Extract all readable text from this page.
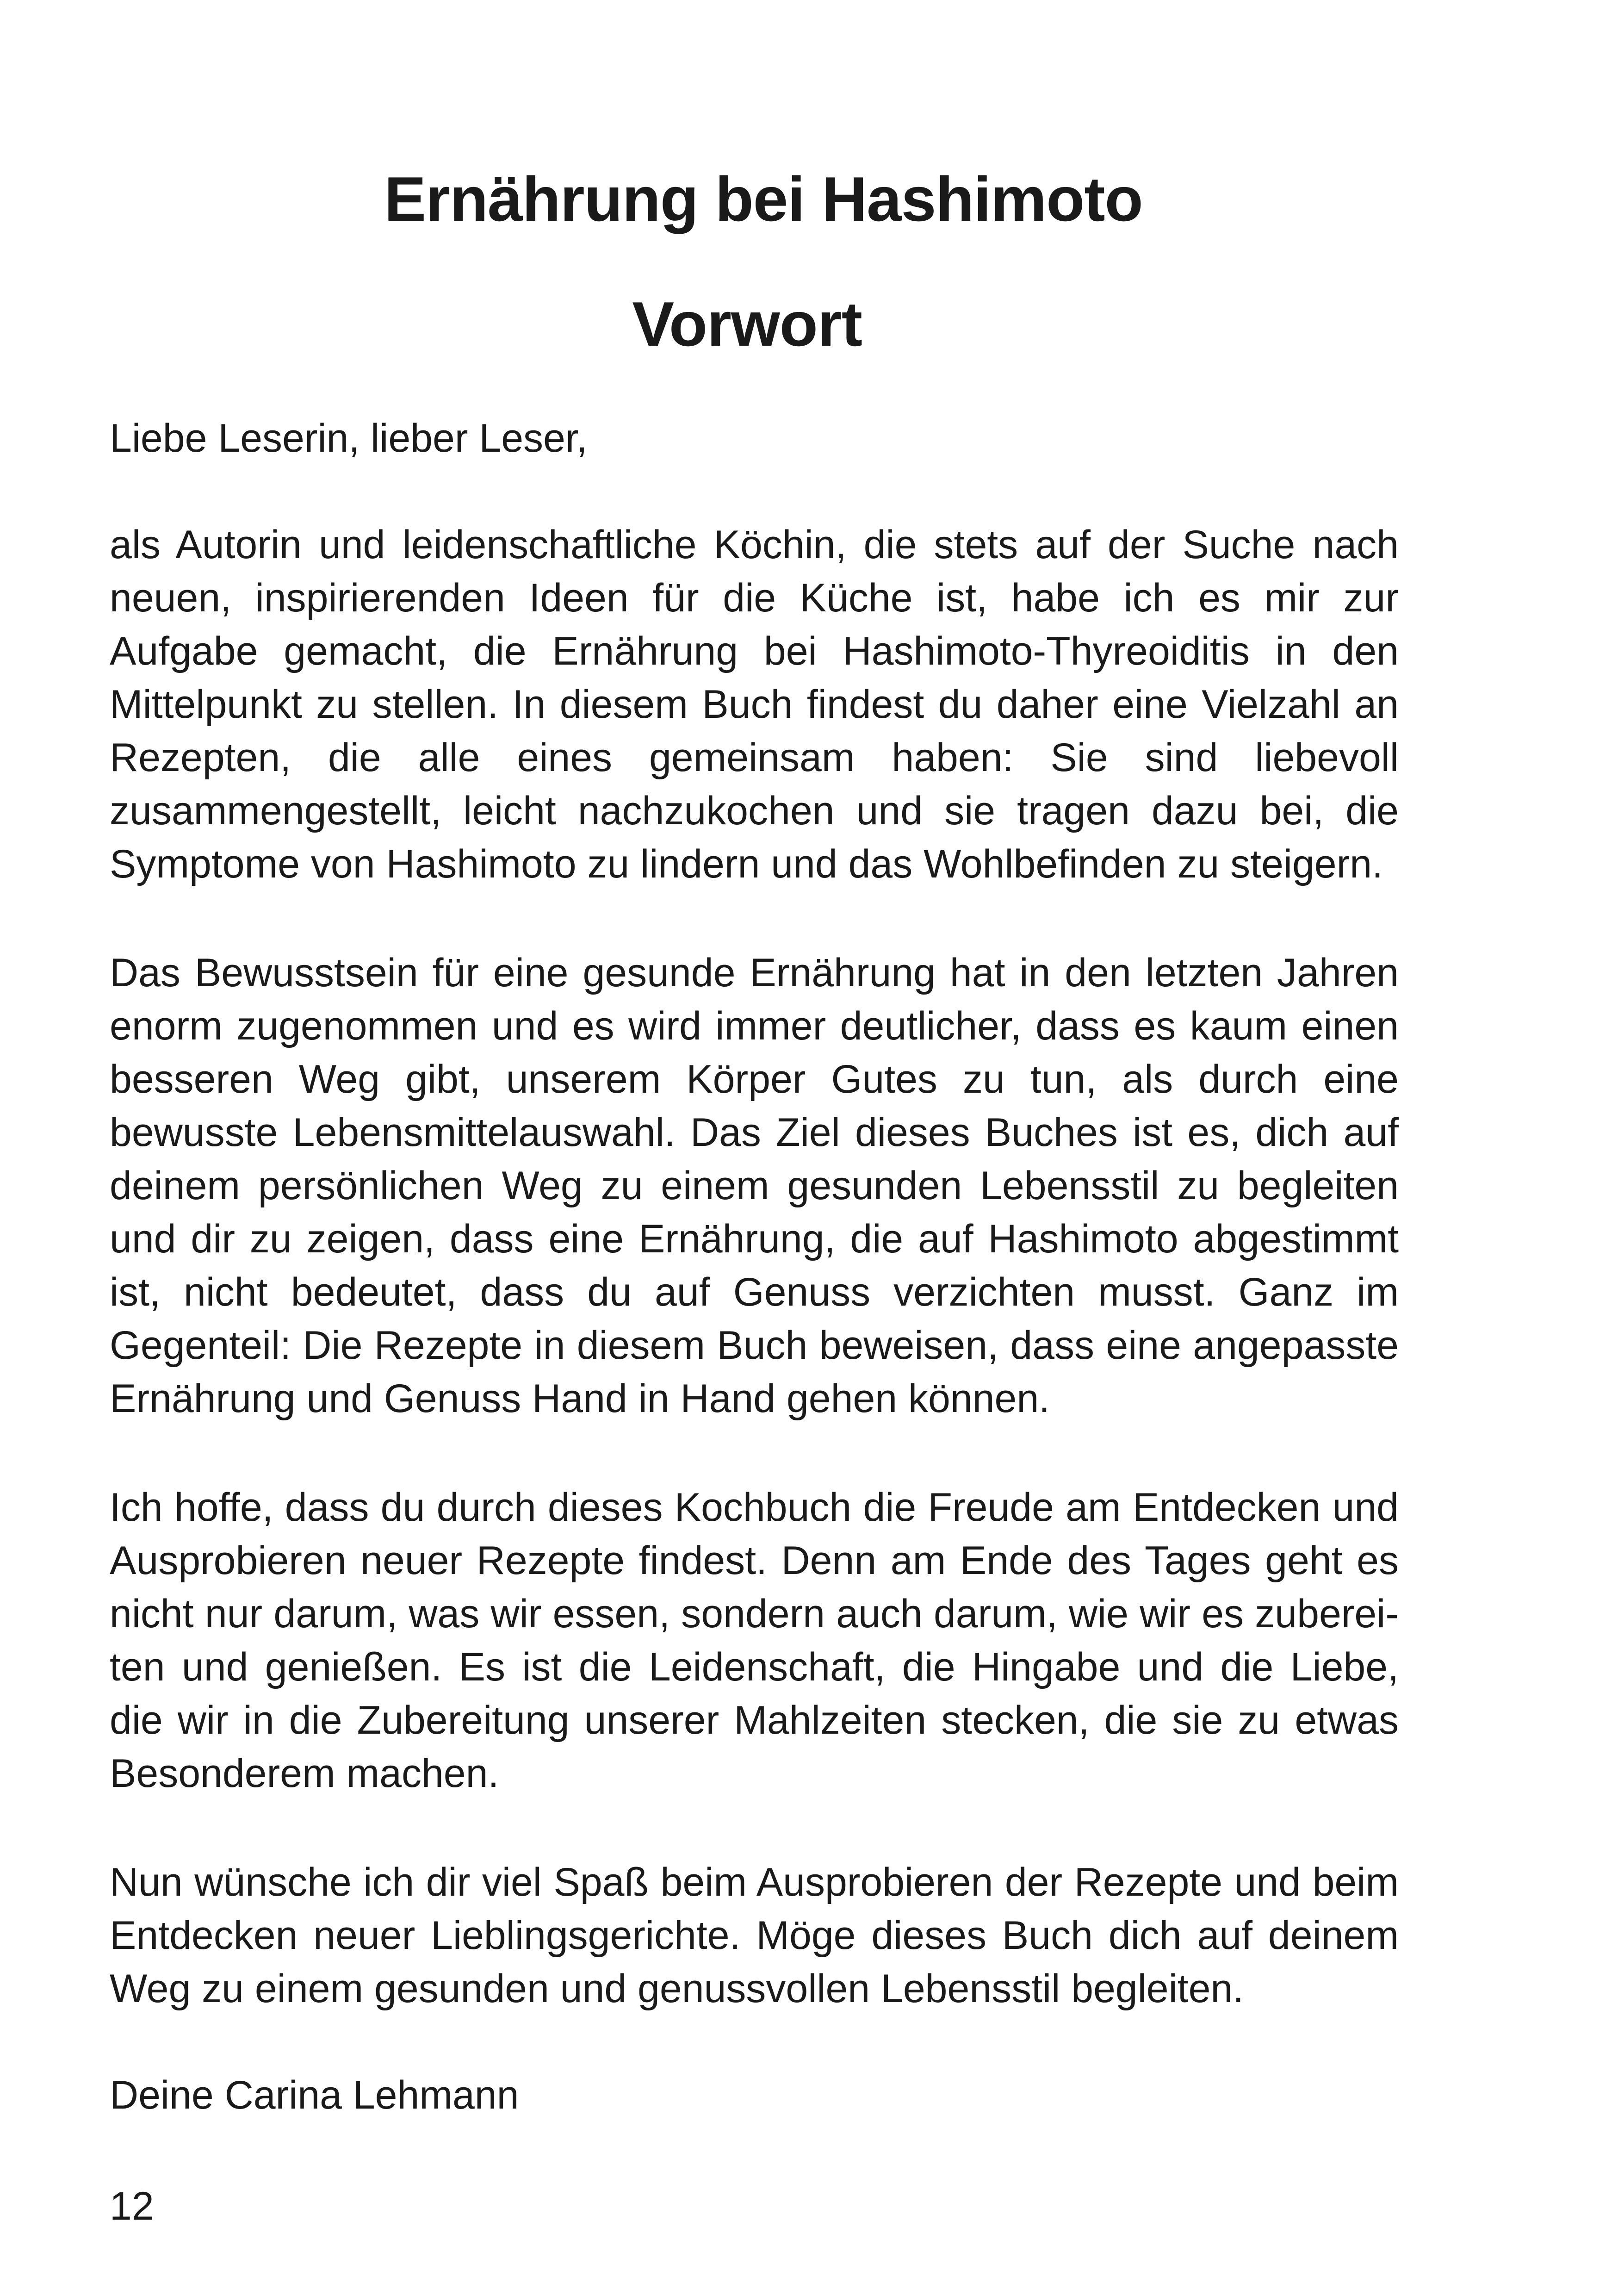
Ernährung bei Hashimoto
Vorwort

Liebe Leserin, lieber Leser,

als Autorin und leidenschaftliche Köchin, die stets auf der Suche nach neuen, inspirierenden Ideen für die Küche ist, habe ich es mir zur Aufgabe gemacht, die Ernährung bei Hashimoto-Thyreoiditis in den Mittelpunkt zu stellen. In diesem Buch findest du daher eine Vielzahl an Rezepten, die alle eines gemeinsam haben: Sie sind liebevoll zusammengestellt, leicht nachzukochen und sie tragen dazu bei, die Symptome von Hashimoto zu lindern und das Wohlbefinden zu steigern.

Das Bewusstsein für eine gesunde Ernährung hat in den letzten Jahren enorm zugenommen und es wird immer deutlicher, dass es kaum einen besseren Weg gibt, unserem Körper Gutes zu tun, als durch eine bewusste Lebensmittelauswahl. Das Ziel dieses Buches ist es, dich auf deinem persönlichen Weg zu einem gesunden Lebensstil zu begleiten und dir zu zeigen, dass eine Ernährung, die auf Hashimoto abgestimmt ist, nicht bedeutet, dass du auf Genuss verzichten musst. Ganz im Gegenteil: Die Rezepte in diesem Buch beweisen, dass eine angepasste Ernährung und Genuss Hand in Hand gehen können.

Ich hoffe, dass du durch dieses Kochbuch die Freude am Entdecken und Ausprobieren neuer Rezepte findest. Denn am Ende des Tages geht es nicht nur darum, was wir essen, sondern auch darum, wie wir es zubereiten und genießen. Es ist die Leidenschaft, die Hingabe und die Liebe, die wir in die Zubereitung unserer Mahlzeiten stecken, die sie zu etwas Besonderem machen.

Nun wünsche ich dir viel Spaß beim Ausprobieren der Rezepte und beim Entdecken neuer Lieblingsgerichte. Möge dieses Buch dich auf deinem Weg zu einem gesunden und genussvollen Lebensstil begleiten.

Deine Carina Lehmann

12
